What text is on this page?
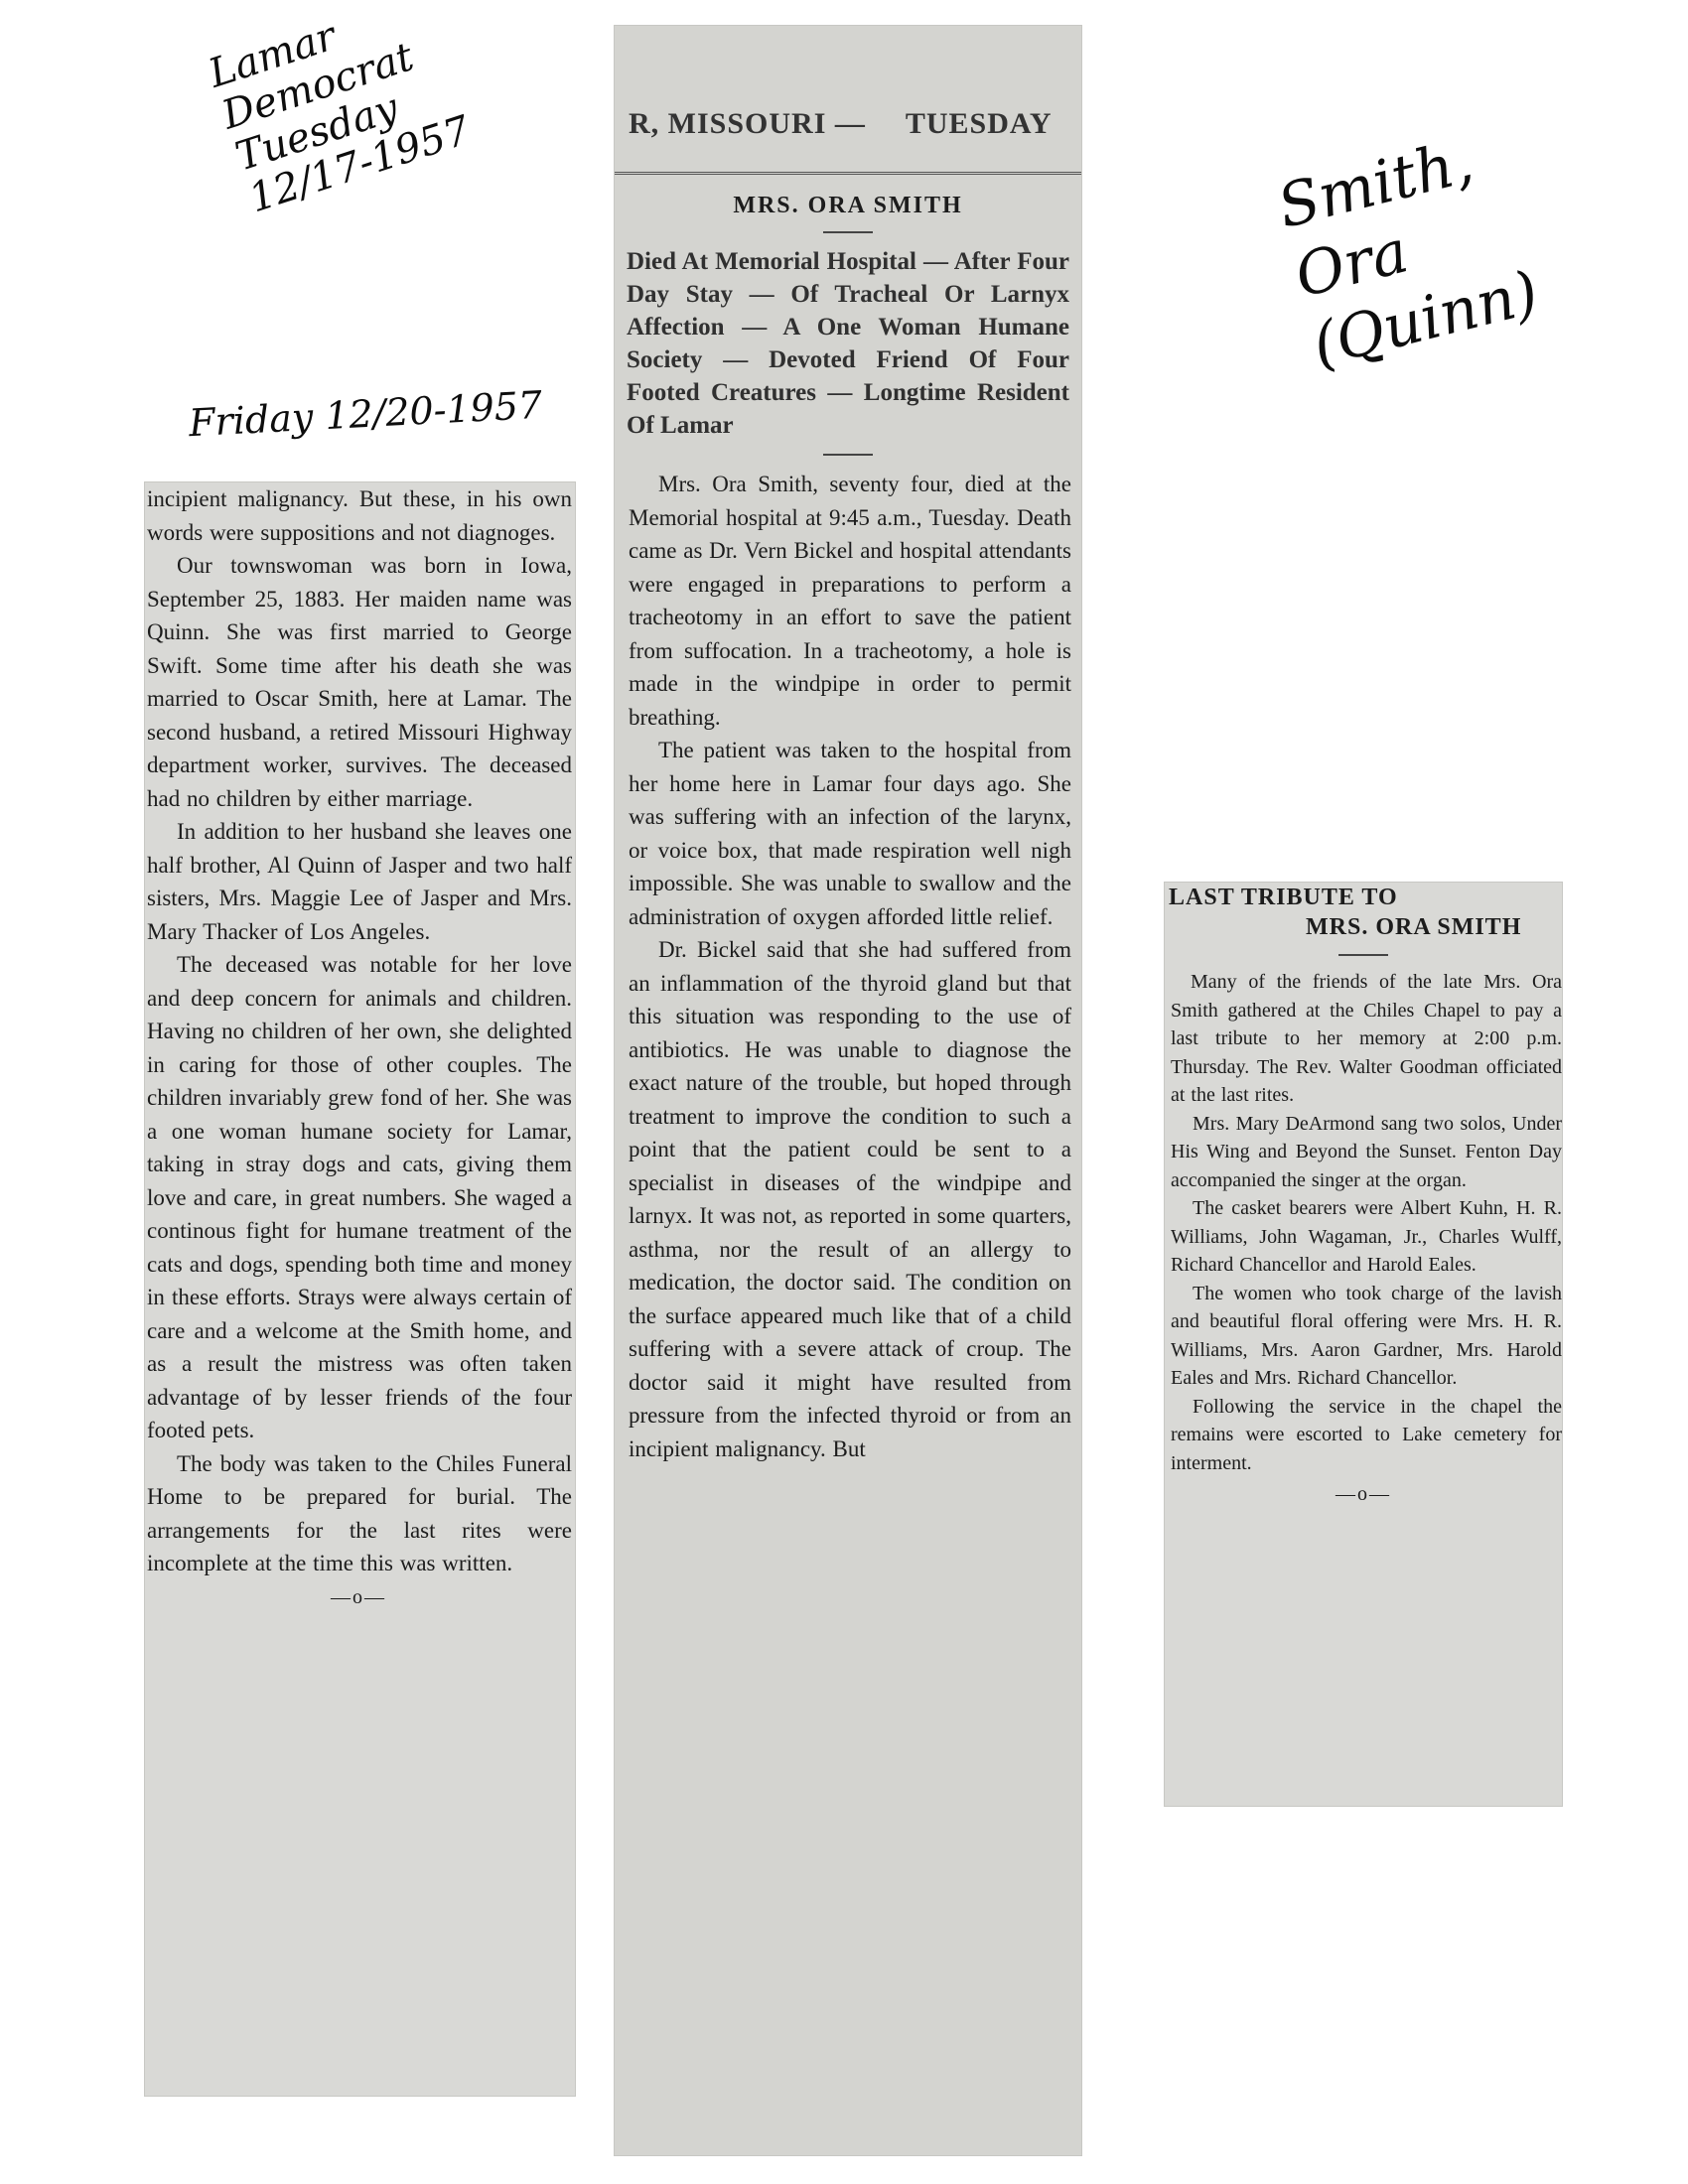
Lamar
Democrat
Tuesday
12/17-1957
Friday 12/20-1957
Smith,
Ora
(Quinn)

incipient malignancy. But these, in his own words were suppositions and not diagnoges.

Our townswoman was born in Iowa, September 25, 1883. Her maiden name was Quinn. She was first married to George Swift. Some time after his death she was married to Oscar Smith, here at Lamar. The second husband, a retired Missouri Highway department worker, survives. The deceased had no children by either marriage.

In addition to her husband she leaves one half brother, Al Quinn of Jasper and two half sisters, Mrs. Maggie Lee of Jasper and Mrs. Mary Thacker of Los Angeles.

The deceased was notable for her love and deep concern for animals and children. Having no children of her own, she delighted in caring for those of other couples. The children invariably grew fond of her. She was a one woman humane society for Lamar, taking in stray dogs and cats, giving them love and care, in great numbers. She waged a continous fight for humane treatment of the cats and dogs, spending both time and money in these efforts. Strays were always certain of care and a welcome at the Smith home, and as a result the mistress was often taken advantage of by lesser friends of the four footed pets.

The body was taken to the Chiles Funeral Home to be prepared for burial. The arrangements for the last rites were incomplete at the time this was written.

—o—
R, MISSOURI — TUESDAY
MRS. ORA SMITH
Died At Memorial Hospital — After Four Day Stay — Of Tracheal Or Larnyx Affection — A One Woman Humane Society — Devoted Friend Of Four Footed Creatures — Longtime Resident Of Lamar

Mrs. Ora Smith, seventy four, died at the Memorial hospital at 9:45 a.m., Tuesday. Death came as Dr. Vern Bickel and hospital attendants were engaged in preparations to perform a tracheotomy in an effort to save the patient from suffocation. In a tracheotomy, a hole is made in the windpipe in order to permit breathing.

The patient was taken to the hospital from her home here in Lamar four days ago. She was suffering with an infection of the larynx, or voice box, that made respiration well nigh impossible. She was unable to swallow and the administration of oxygen afforded little relief.

Dr. Bickel said that she had suffered from an inflammation of the thyroid gland but that this situation was responding to the use of antibiotics. He was unable to diagnose the exact nature of the trouble, but hoped through treatment to improve the condition to such a point that the patient could be sent to a specialist in diseases of the windpipe and larnyx. It was not, as reported in some quarters, asthma, nor the result of an allergy to medication, the doctor said. The condition on the surface appeared much like that of a child suffering with a severe attack of croup. The doctor said it might have resulted from pressure from the infected thyroid or from an incipient malignancy. But

LAST TRIBUTE TO
MRS. ORA SMITH

Many of the friends of the late Mrs. Ora Smith gathered at the Chiles Chapel to pay a last tribute to her memory at 2:00 p.m. Thursday. The Rev. Walter Goodman officiated at the last rites.

Mrs. Mary DeArmond sang two solos, Under His Wing and Beyond the Sunset. Fenton Day accompanied the singer at the organ.

The casket bearers were Albert Kuhn, H. R. Williams, John Wagaman, Jr., Charles Wulff, Richard Chancellor and Harold Eales.

The women who took charge of the lavish and beautiful floral offering were Mrs. H. R. Williams, Mrs. Aaron Gardner, Mrs. Harold Eales and Mrs. Richard Chancellor.

Following the service in the chapel the remains were escorted to Lake cemetery for interment.

—o—
